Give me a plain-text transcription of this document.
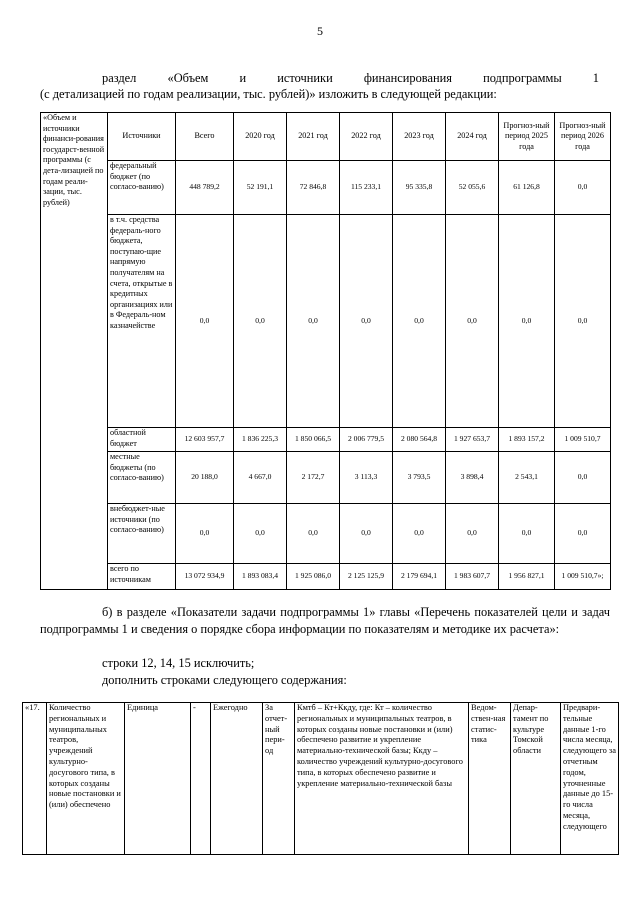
5
раздел «Объем и источники финансирования подпрограммы 1
(с детализацией по годам реализации, тыс. рублей)» изложить в следующей редакции:
«Объем и источники финанси-рования государст-венной программы (с дета-лизацией по годам реали-зации, тыс. рублей)	Источники	Всего	2020 год	2021 год	2022 год	2023 год	2024 год	Прогноз-ный период 2025 года	Прогноз-ный период 2026 года
	федеральный бюджет (по согласо-ванию)	448 789,2	52 191,1	72 846,8	115 233,1	95 335,8	52 055,6	61 126,8	0,0
	в т.ч. средства федераль-ного бюджета, поступаю-щие напрямую получателям на счета, открытые в кредитных организациях или в Федераль-ном казначействе	0,0	0,0	0,0	0,0	0,0	0,0	0,0	0,0
	областной бюджет	12 603 957,7	1 836 225,3	1 850 066,5	2 006 779,5	2 080 564,8	1 927 653,7	1 893 157,2	1 009 510,7
	местные бюджеты (по согласо-ванию)	20 188,0	4 667,0	2 172,7	3 113,3	3 793,5	3 898,4	2 543,1	0,0
	внебюджет-ные источники (по согласо-ванию)	0,0	0,0	0,0	0,0	0,0	0,0	0,0	0,0
	всего по источникам	13 072 934,9	1 893 083,4	1 925 086,0	2 125 125,9	2 179 694,1	1 983 607,7	1 956 827,1	1 009 510,7»;
б) в разделе «Показатели задачи подпрограммы 1» главы «Перечень показателей цели и задач подпрограммы 1 и сведения о порядке сбора информации по показателям и методике их расчета»:
строки 12, 14, 15 исключить;
дополнить строками следующего содержания:
«17.	Количество региональных и муниципальных театров, учреждений культурно-досугового типа, в которых созданы новые постановки и (или) обеспечено	Единица	-	Ежегодно	За отчет-ный пери-од	Кмтб – Кт+Ккду, где: Кт – количество региональных и муниципальных театров, в которых созданы новые постановки и (или) обеспечено развитие и укрепление материально-технической базы; Ккду – количество учреждений культурно-досугового типа, в которых обеспечено развитие и укрепление материально-технической базы	Ведом-ствен-ная статис-тика	Депар-тамент по культуре Томской области	Предвари-тельные данные 1-го числа месяца, следующего за отчетным годом, уточненные данные до 15-го числа месяца, следующего
